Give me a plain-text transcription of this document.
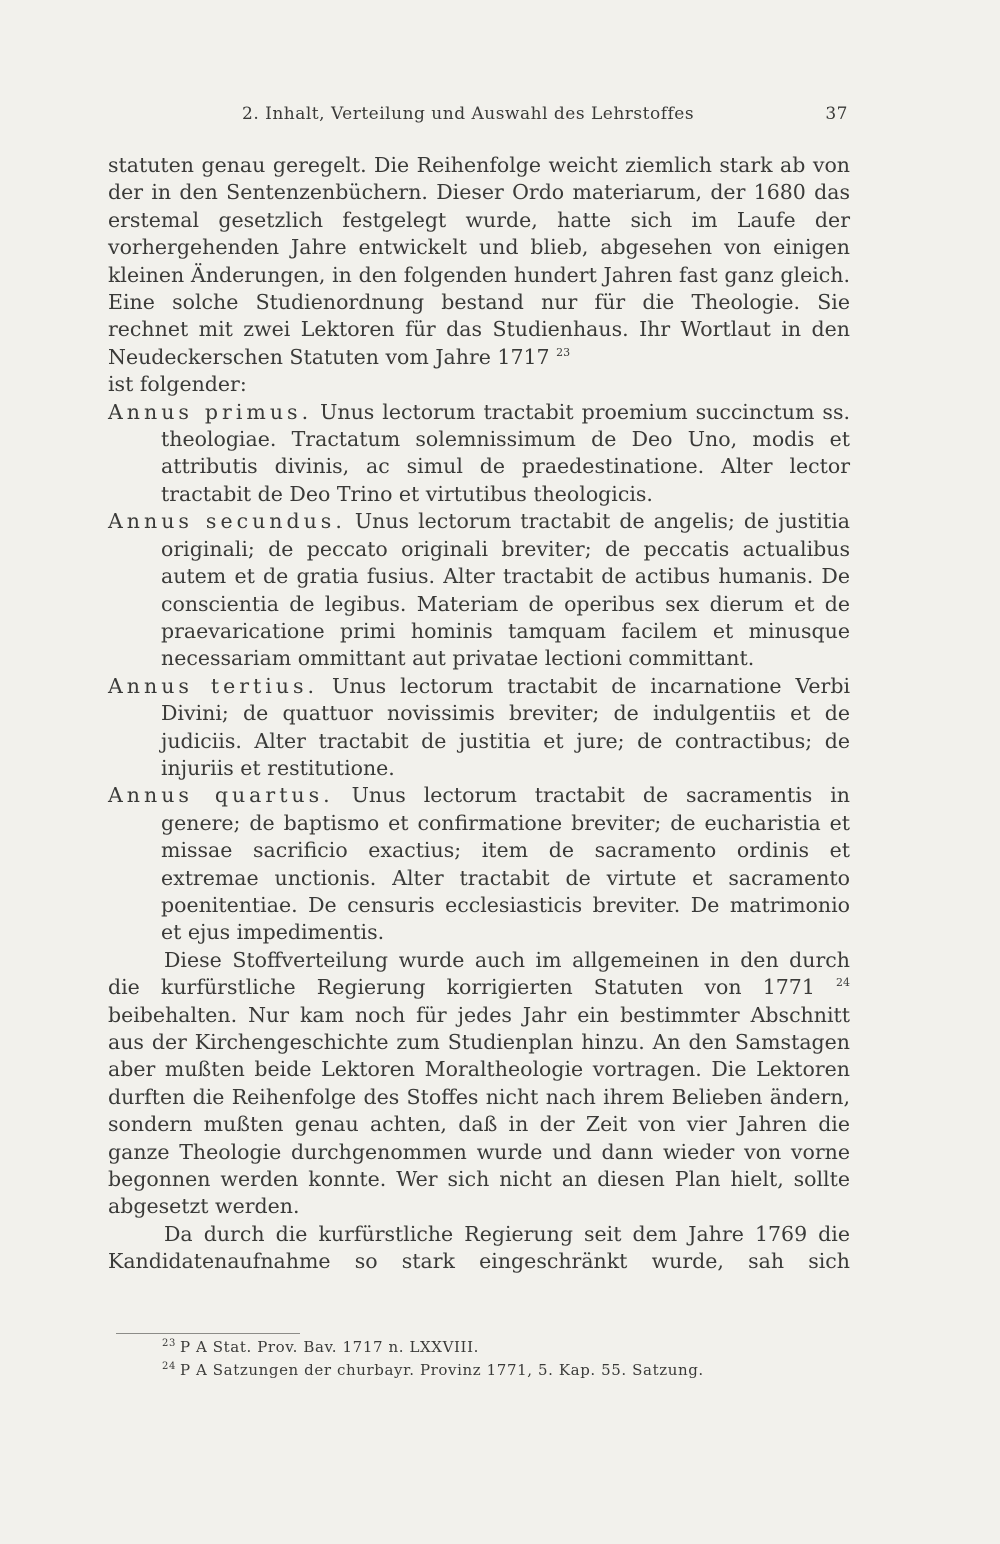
2. Inhalt, Verteilung und Auswahl des Lehrstoffes	37

statuten genau geregelt. Die Reihenfolge weicht ziemlich stark ab von der in den Sentenzenbüchern. Dieser Ordo materiarum, der 1680 das erstemal gesetzlich festgelegt wurde, hatte sich im Laufe der vorhergehenden Jahre entwickelt und blieb, abgesehen von einigen kleinen Änderungen, in den folgenden hundert Jahren fast ganz gleich. Eine solche Studienordnung bestand nur für die Theologie. Sie rechnet mit zwei Lektoren für das Studienhaus. Ihr Wortlaut in den Neudeckerschen Statuten vom Jahre 1717 $^{23}$
ist folgender:

Annus primus. Unus lectorum tractabit proemium succinctum ss. theologiae. Tractatum solemnissimum de Deo Uno, modis et attributis divinis, ac simul de praedestinatione. Alter lector tractabit de Deo Trino et virtutibus theologicis.

Annus secundus. Unus lectorum tractabit de angelis; de justitia originali; de peccato originali breviter; de peccatis actualibus autem et de gratia fusius. Alter tractabit de actibus humanis. De conscientia de legibus. Materiam de operibus sex dierum et de praevaricatione primi hominis tamquam facilem et minusque necessariam ommittant aut privatae lectioni committant.

Annus tertius. Unus lectorum tractabit de incarnatione Verbi Divini; de quattuor novissimis breviter; de indulgentiis et de judiciis. Alter tractabit de justitia et jure; de contractibus; de injuriis et restitutione.

Annus quartus. Unus lectorum tractabit de sacramentis in genere; de baptismo et confirmatione breviter; de eucharistia et missae sacrificio exactius; item de sacramento ordinis et extremae unctionis. Alter tractabit de virtute et sacramento poenitentiae. De censuris ecclesiasticis breviter. De matrimonio et ejus impedimentis.

Diese Stoffverteilung wurde auch im allgemeinen in den durch die kurfürstliche Regierung korrigierten Statuten von 1771 $^{24}$ beibehalten. Nur kam noch für jedes Jahr ein bestimmter Abschnitt aus der Kirchengeschichte zum Studienplan hinzu. An den Samstagen aber mußten beide Lektoren Moraltheologie vortragen. Die Lektoren durften die Reihenfolge des Stoffes nicht nach ihrem Belieben ändern, sondern mußten genau achten, daß in der Zeit von vier Jahren die ganze Theologie durchgenommen wurde und dann wieder von vorne begonnen werden konnte. Wer sich nicht an diesen Plan hielt, sollte abgesetzt werden.

Da durch die kurfürstliche Regierung seit dem Jahre 1769 die Kandidatenaufnahme so stark eingeschränkt wurde, sah sich

$^{23}$ P A Stat. Prov. Bav. 1717 n. LXXVIII.

$^{24}$ P A Satzungen der churbayr. Provinz 1771, 5. Kap. 55. Satzung.
